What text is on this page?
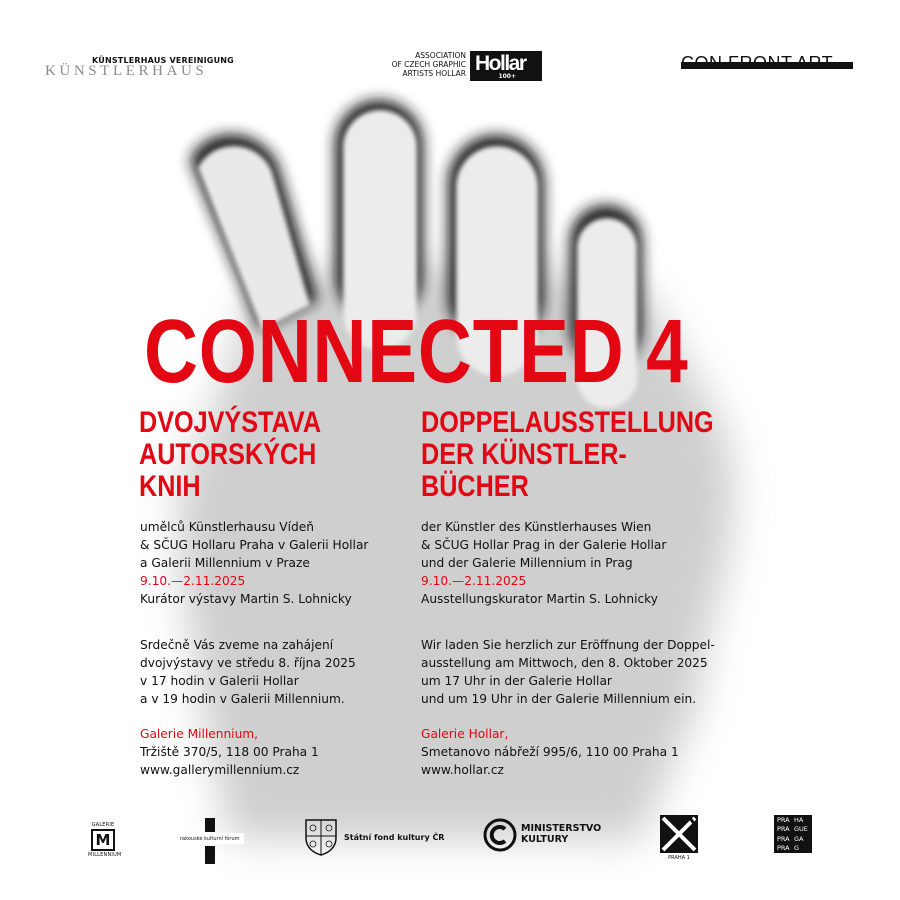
KÜNSTLERHAUS VEREINIGUNG
KÜNSTLERHAUS
ASSOCIATION
OF CZECH GRAPHIC
ARTISTS HOLLAR Hollar
100+
CON.FRONT.ART
CONNECTED 4
DVOJVÝSTAVA
AUTORSKÝCH
KNIH
DOPPELAUSSTELLUNG
DER KÜNSTLER-
BÜCHER
umělců Künstlerhausu Vídeň
& SČUG Hollaru Praha v Galerii Hollar
a Galerii Millennium v Praze
9.10.—2.11.2025
Kurátor výstavy Martin S. Lohnicky
der Künstler des Künstlerhauses Wien
& SČUG Hollar Prag in der Galerie Hollar
und der Galerie Millennium in Prag
9.10.—2.11.2025
Ausstellungskurator Martin S. Lohnicky
Srdečně Vás zveme na zahájení
dvojvýstavy ve středu 8. října 2025
v 17 hodin v Galerii Hollar
a v 19 hodin v Galerii Millennium.
Wir laden Sie herzlich zur Eröffnung der Doppel-
ausstellung am Mittwoch, den 8. Oktober 2025
um 17 Uhr in der Galerie Hollar
und um 19 Uhr in der Galerie Millennium ein.
Galerie Millennium,
Tržiště 370/5, 118 00 Praha 1
www.gallerymillennium.cz
Galerie Hollar,
Smetanovo nábřeží 995/6, 110 00 Praha 1
www.hollar.cz
GALERIE
M
MILLENNIUM
rakouské kulturní fórum	Státní fond kultury ČR
MINISTERSTVO
KULTURY
PRAHA 1
PRA
PRA
PRA
PRA
HA
GUE
GA
G
